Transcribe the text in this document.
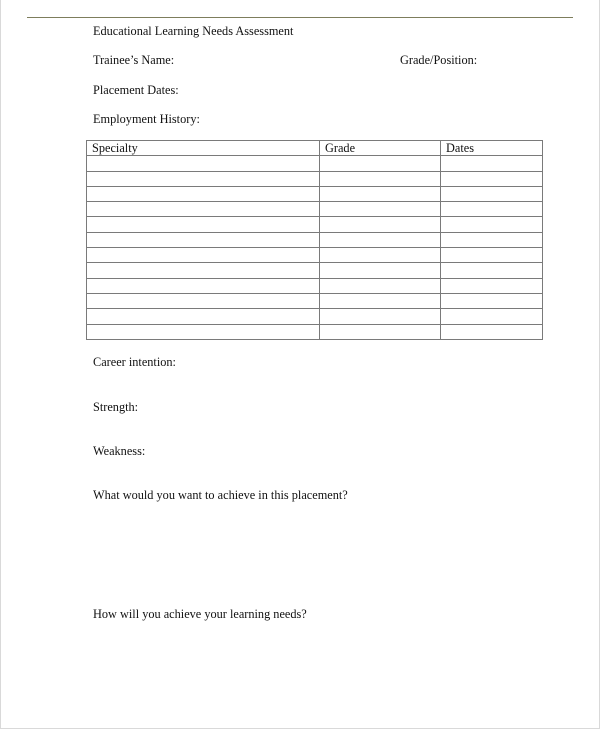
Educational Learning Needs Assessment
Trainee’s Name:	Grade/Position:
Placement Dates:
Employment History:
Specialty	Grade	Dates

Career intention:
Strength:
Weakness:
What would you want to achieve in this placement?
How will you achieve your learning needs?
